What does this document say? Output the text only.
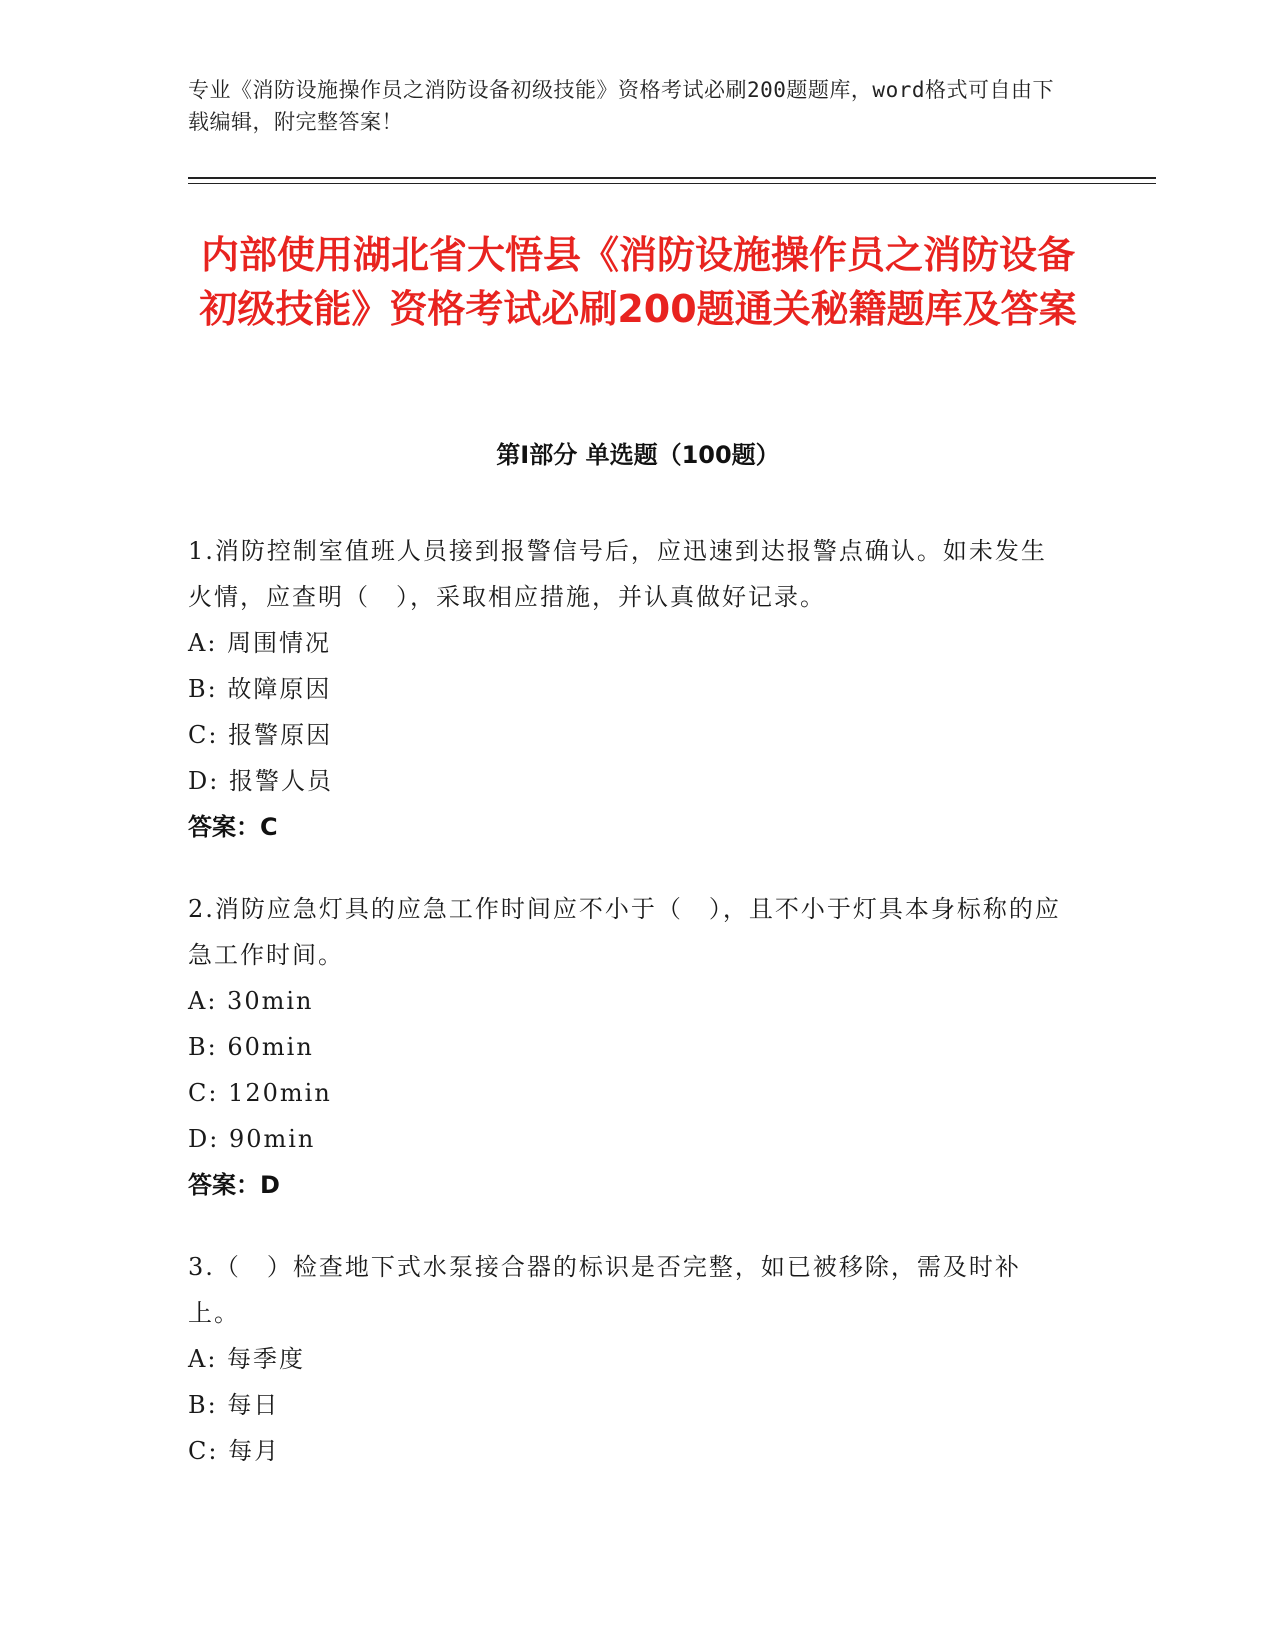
专业《消防设施操作员之消防设备初级技能》资格考试必刷200题题库，word格式可自由下载编辑，附完整答案！
内部使用湖北省大悟县《消防设施操作员之消防设备初级技能》资格考试必刷200题通关秘籍题库及答案
第Ⅰ部分 单选题（100题）
1.消防控制室值班人员接到报警信号后，应迅速到达报警点确认。如未发生火情，应查明（　），采取相应措施，并认真做好记录。
A: 周围情况
B: 故障原因
C: 报警原因
D: 报警人员
答案：C
2.消防应急灯具的应急工作时间应不小于（　），且不小于灯具本身标称的应急工作时间。
A: 30min
B: 60min
C: 120min
D: 90min
答案：D
3.（　）检查地下式水泵接合器的标识是否完整，如已被移除，需及时补上。
A: 每季度
B: 每日
C: 每月
